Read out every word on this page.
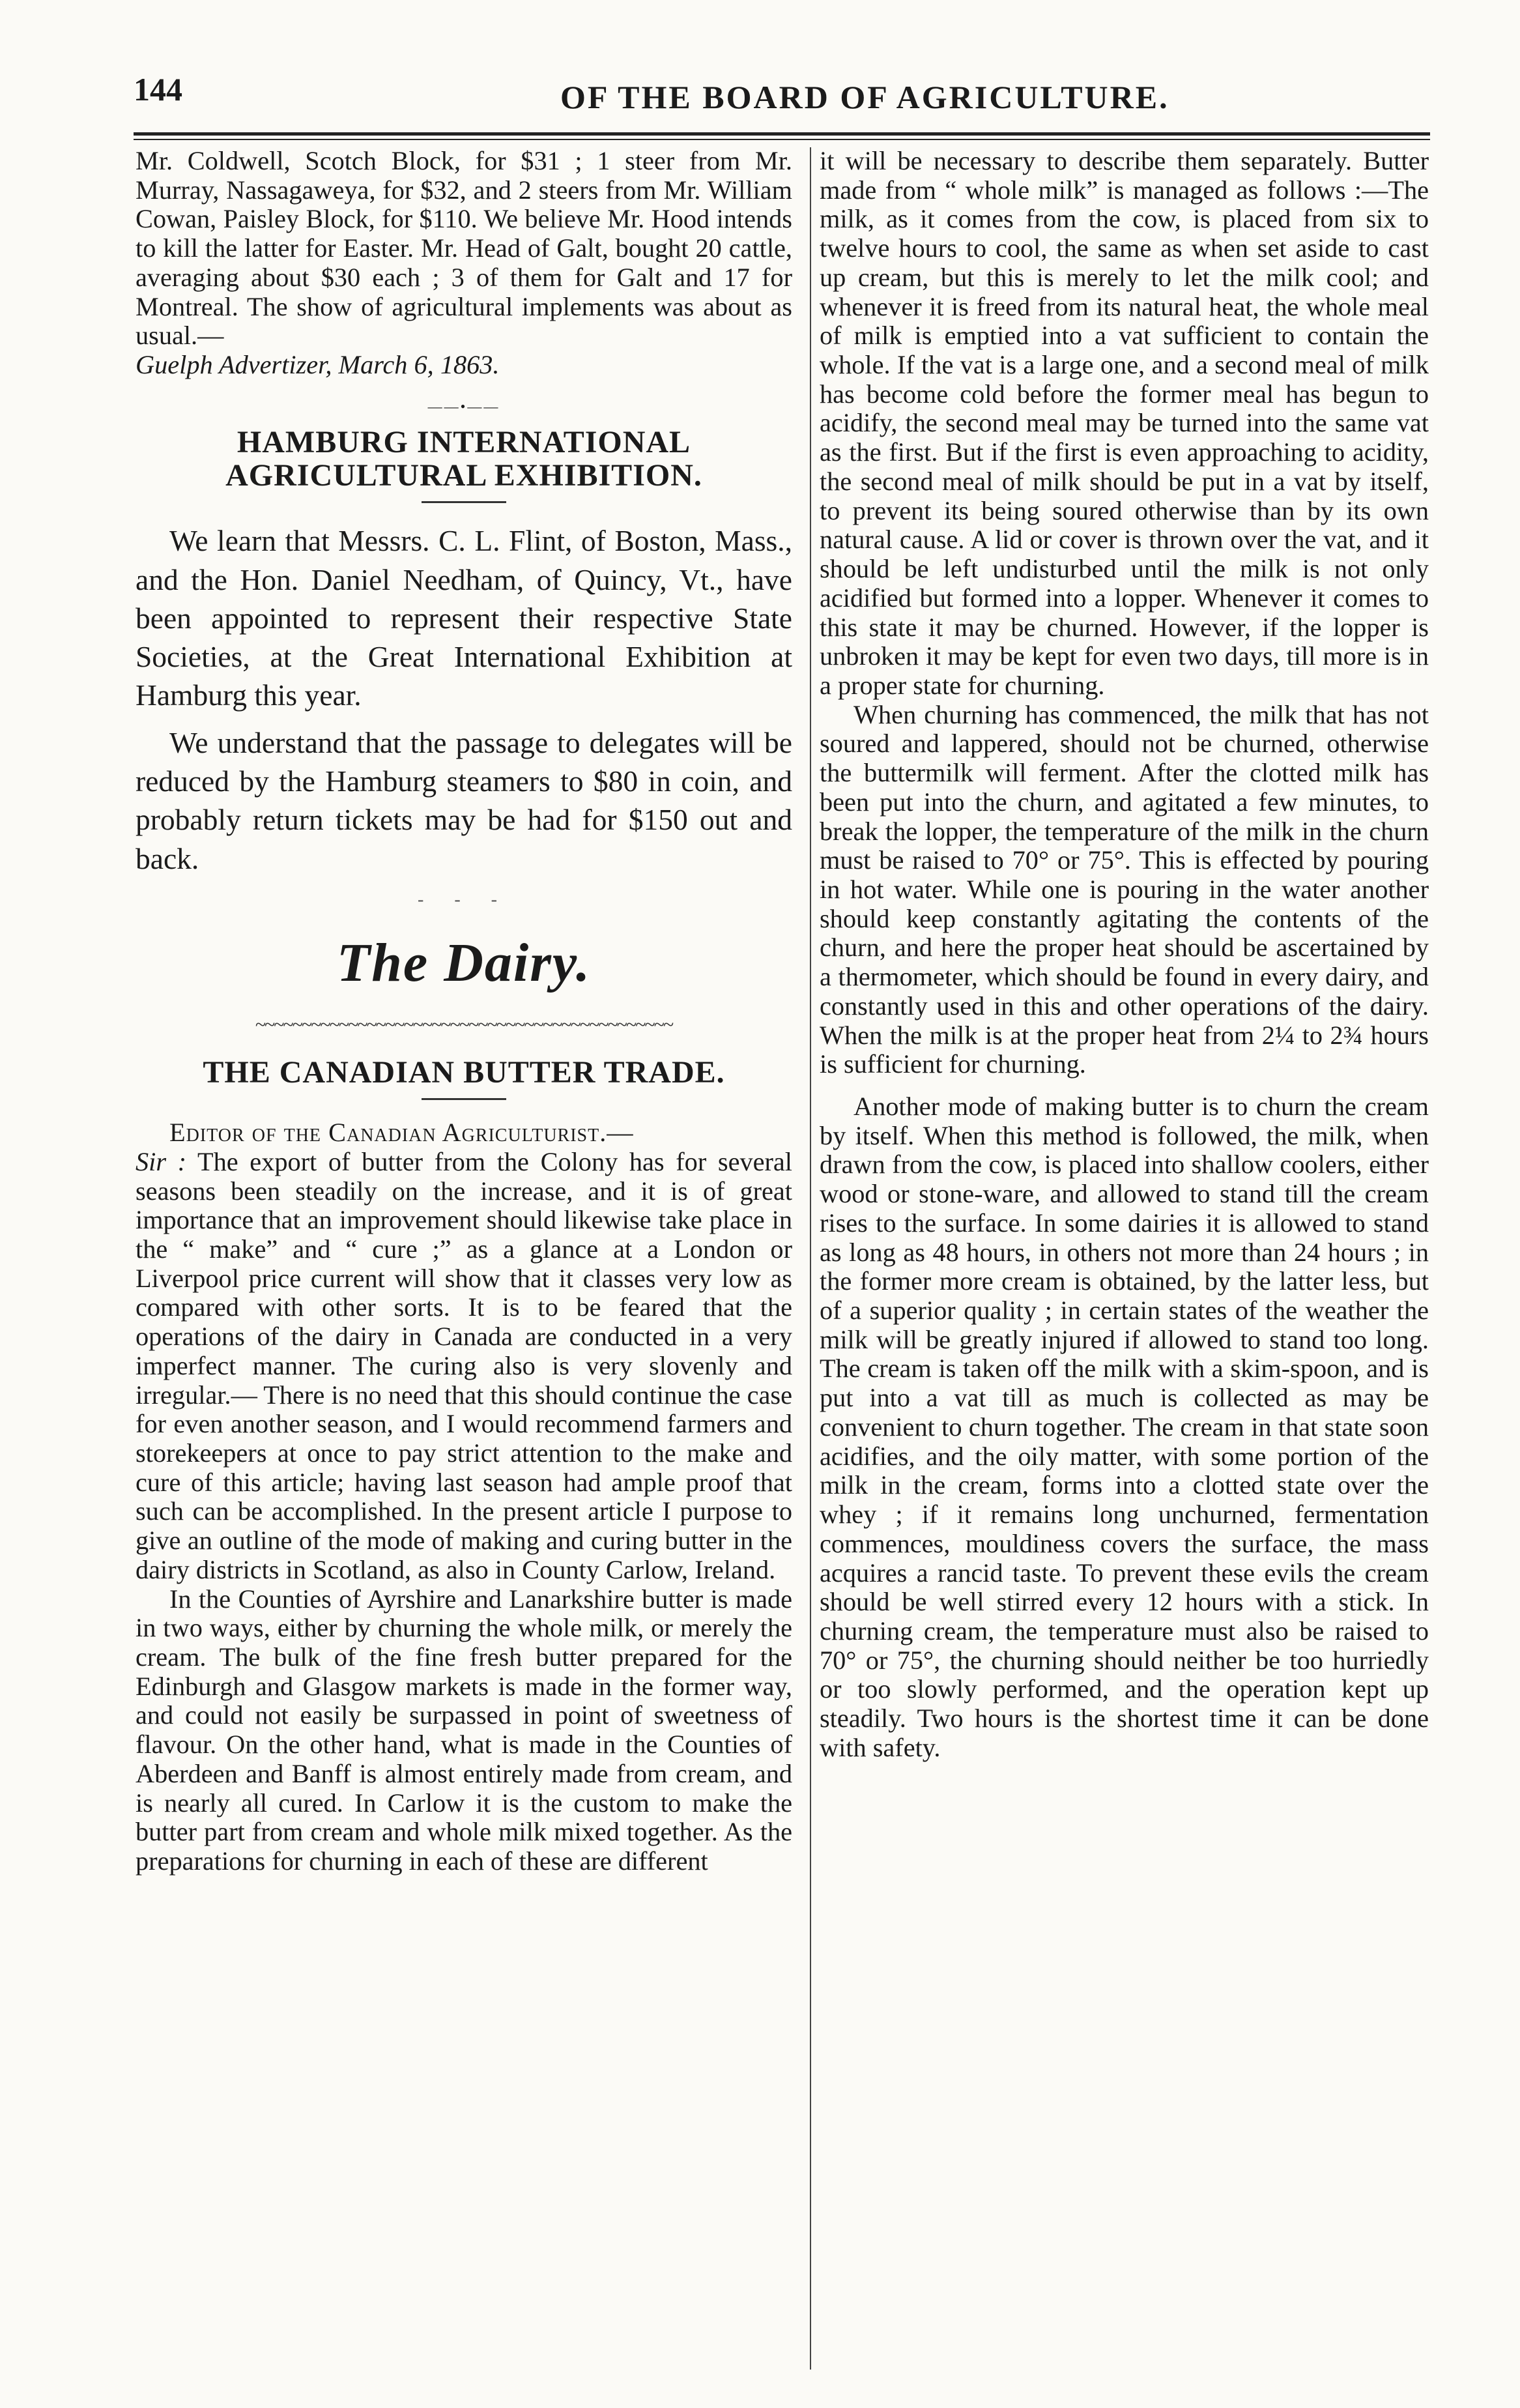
144	OF THE BOARD OF AGRICULTURE.

Mr. Coldwell, Scotch Block, for $31 ; 1 steer from Mr. Murray, Nassagaweya, for $32, and 2 steers from Mr. William Cowan, Paisley Block, for $110. We believe Mr. Hood intends to kill the latter for Easter. Mr. Head of Galt, bought 20 cattle, averaging about $30 each ; 3 of them for Galt and 17 for Montreal. The show of agricultural implements was about as usual.—

Guelph Advertizer, March 6, 1863.

——•——
HAMBURG INTERNATIONAL AGRICULTURAL EXHIBITION.

We learn that Messrs. C. L. Flint, of Boston, Mass., and the Hon. Daniel Needham, of Quincy, Vt., have been appointed to represent their respective State Societies, at the Great International Exhibition at Hamburg this year.

We understand that the passage to delegates will be reduced by the Hamburg steamers to $80 in coin, and probably return tickets may be had for $150 out and back.

- - -
The Dairy.
~~~~~~~~~~~~~~~~~~~~~~~~~~~~~~~~~~~~~~~~~~~~~
THE CANADIAN BUTTER TRADE.

Editor of the Canadian Agriculturist.—

Sir : The export of butter from the Colony has for several seasons been steadily on the increase, and it is of great importance that an improvement should likewise take place in the “ make” and “ cure ;” as a glance at a London or Liverpool price current will show that it classes very low as compared with other sorts. It is to be feared that the operations of the dairy in Canada are conducted in a very imperfect manner. The curing also is very slovenly and irregular.— There is no need that this should continue the case for even another season, and I would recommend farmers and storekeepers at once to pay strict attention to the make and cure of this article; having last season had ample proof that such can be accomplished. In the present article I purpose to give an outline of the mode of making and curing butter in the dairy districts in Scotland, as also in County Carlow, Ireland.

In the Counties of Ayrshire and Lanarkshire butter is made in two ways, either by churning the whole milk, or merely the cream. The bulk of the fine fresh butter prepared for the Edinburgh and Glasgow markets is made in the former way, and could not easily be surpassed in point of sweetness of flavour. On the other hand, what is made in the Counties of Aberdeen and Banff is almost entirely made from cream, and is nearly all cured. In Carlow it is the custom to make the butter part from cream and whole milk mixed together. As the preparations for churning in each of these are different

it will be necessary to describe them separately. Butter made from “ whole milk” is managed as follows :—The milk, as it comes from the cow, is placed from six to twelve hours to cool, the same as when set aside to cast up cream, but this is merely to let the milk cool; and whenever it is freed from its natural heat, the whole meal of milk is emptied into a vat sufficient to contain the whole. If the vat is a large one, and a second meal of milk has become cold before the former meal has begun to acidify, the second meal may be turned into the same vat as the first. But if the first is even approaching to acidity, the second meal of milk should be put in a vat by itself, to prevent its being soured otherwise than by its own natural cause. A lid or cover is thrown over the vat, and it should be left undisturbed until the milk is not only acidified but formed into a lopper. Whenever it comes to this state it may be churned. However, if the lopper is unbroken it may be kept for even two days, till more is in a proper state for churning.

When churning has commenced, the milk that has not soured and lappered, should not be churned, otherwise the buttermilk will ferment. After the clotted milk has been put into the churn, and agitated a few minutes, to break the lopper, the temperature of the milk in the churn must be raised to 70° or 75°. This is effected by pouring in hot water. While one is pouring in the water another should keep constantly agitating the contents of the churn, and here the proper heat should be ascertained by a thermometer, which should be found in every dairy, and constantly used in this and other operations of the dairy. When the milk is at the proper heat from 2¼ to 2¾ hours is sufficient for churning.

Another mode of making butter is to churn the cream by itself. When this method is followed, the milk, when drawn from the cow, is placed into shallow coolers, either wood or stone-ware, and allowed to stand till the cream rises to the surface. In some dairies it is allowed to stand as long as 48 hours, in others not more than 24 hours ; in the former more cream is obtained, by the latter less, but of a superior quality ; in certain states of the weather the milk will be greatly injured if allowed to stand too long. The cream is taken off the milk with a skim-spoon, and is put into a vat till as much is collected as may be convenient to churn together. The cream in that state soon acidifies, and the oily matter, with some portion of the milk in the cream, forms into a clotted state over the whey ; if it remains long unchurned, fermentation commences, mouldiness covers the surface, the mass acquires a rancid taste. To prevent these evils the cream should be well stirred every 12 hours with a stick. In churning cream, the temperature must also be raised to 70° or 75°, the churning should neither be too hurriedly or too slowly performed, and the operation kept up steadily. Two hours is the shortest time it can be done with safety.
